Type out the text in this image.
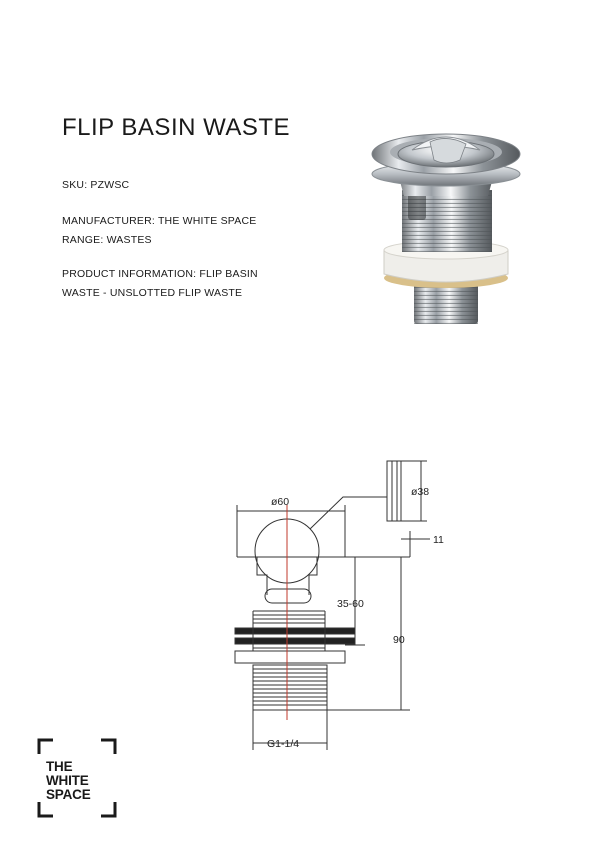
FLIP BASIN WASTE
SKU: PZWSC
MANUFACTURER: THE WHITE SPACE
RANGE: WASTES
PRODUCT INFORMATION: FLIP BASIN
WASTE - UNSLOTTED FLIP WASTE
ø60
ø38
11
35-60
90
G1-1/4
THE
WHITE
SPACE
